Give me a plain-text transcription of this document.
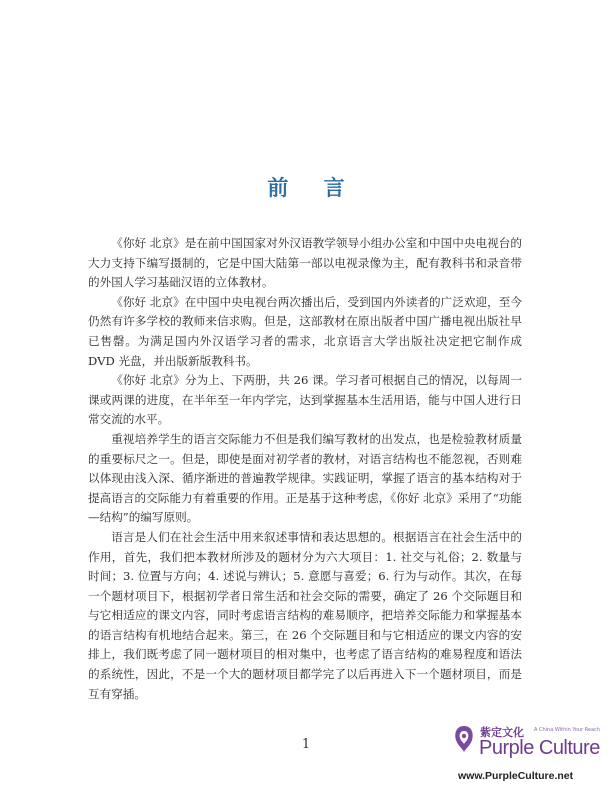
前 言

《你好 北京》是在前中国国家对外汉语教学领导小组办公室和中国中央电视台的大力支持下编写摄制的，它是中国大陆第一部以电视录像为主，配有教科书和录音带的外国人学习基础汉语的立体教材。

《你好 北京》在中国中央电视台两次播出后，受到国内外读者的广泛欢迎，至今仍然有许多学校的教师来信求购。但是，这部教材在原出版者中国广播电视出版社早已售罄。为满足国内外汉语学习者的需求，北京语言大学出版社决定把它制作成 DVD 光盘，并出版新版教科书。

《你好 北京》分为上、下两册，共 26 课。学习者可根据自己的情况，以每周一课或两课的进度，在半年至一年内学完，达到掌握基本生活用语，能与中国人进行日常交流的水平。

重视培养学生的语言交际能力不但是我们编写教材的出发点，也是检验教材质量的重要标尺之一。但是，即使是面对初学者的教材，对语言结构也不能忽视，否则难以体现由浅入深、循序渐进的普遍教学规律。实践证明，掌握了语言的基本结构对于提高语言的交际能力有着重要的作用。正是基于这种考虑，《你好 北京》采用了“功能—结构”的编写原则。

语言是人们在社会生活中用来叙述事情和表达思想的。根据语言在社会生活中的作用，首先，我们把本教材所涉及的题材分为六大项目：1. 社交与礼俗；2. 数量与时间；3. 位置与方向；4. 述说与辨认；5. 意愿与喜爱；6. 行为与动作。其次，在每一个题材项目下，根据初学者日常生活和社会交际的需要，确定了 26 个交际题目和与它相适应的课文内容，同时考虑语言结构的难易顺序，把培养交际能力和掌握基本的语言结构有机地结合起来。第三，在 26 个交际题目和与它相适应的课文内容的安排上，我们既考虑了同一题材项目的相对集中，也考虑了语言结构的难易程度和语法的系统性，因此，不是一个大的题材项目都学完了以后再进入下一个题材项目，而是互有穿插。

1
紫定文化 A China Within Your Reach
Purple Culture
www.PurpleCulture.net
